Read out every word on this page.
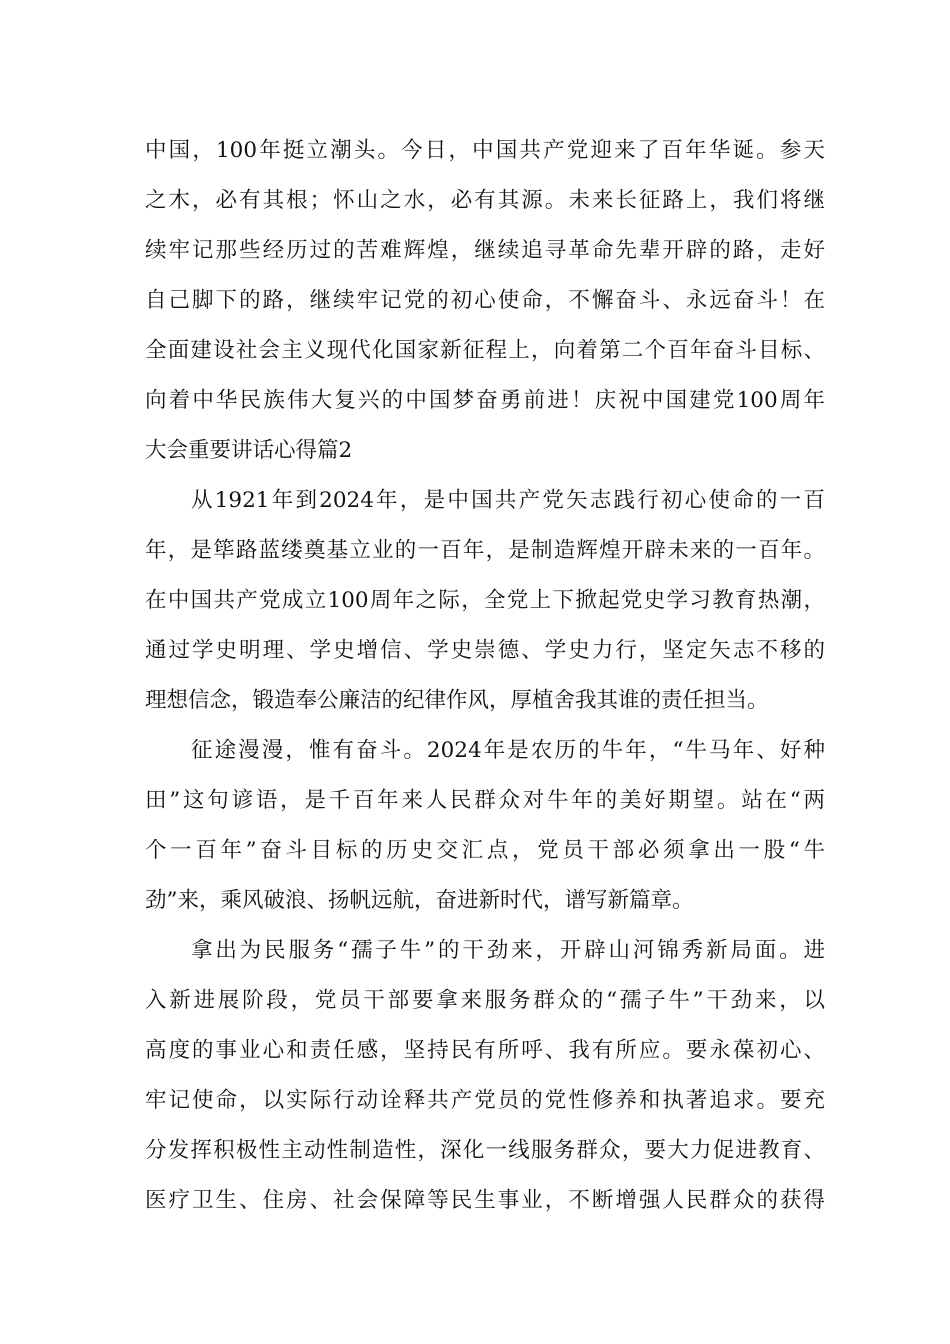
中国，100年挺立潮头。今日，中国共产党迎来了百年华诞。参天
之木，必有其根；怀山之水，必有其源。未来长征路上，我们将继
续牢记那些经历过的苦难辉煌，继续追寻革命先辈开辟的路，走好
自己脚下的路，继续牢记党的初心使命，不懈奋斗、永远奋斗！在
全面建设社会主义现代化国家新征程上，向着第二个百年奋斗目标、
向着中华民族伟大复兴的中国梦奋勇前进！庆祝中国建党100周年
大会重要讲话心得篇2
从1921年到2024年，是中国共产党矢志践行初心使命的一百
年，是筚路蓝缕奠基立业的一百年，是制造辉煌开辟未来的一百年。
在中国共产党成立100周年之际，全党上下掀起党史学习教育热潮，
通过学史明理、学史增信、学史崇德、学史力行，坚定矢志不移的
理想信念，锻造奉公廉洁的纪律作风，厚植舍我其谁的责任担当。
征途漫漫，惟有奋斗。2024年是农历的牛年，“牛马年、好种
田”这句谚语，是千百年来人民群众对牛年的美好期望。站在“两
个一百年”奋斗目标的历史交汇点，党员干部必须拿出一股“牛
劲”来，乘风破浪、扬帆远航，奋进新时代，谱写新篇章。
拿出为民服务“孺子牛”的干劲来，开辟山河锦秀新局面。进
入新进展阶段，党员干部要拿来服务群众的“孺子牛”干劲来，以
高度的事业心和责任感，坚持民有所呼、我有所应。要永葆初心、
牢记使命，以实际行动诠释共产党员的党性修养和执著追求。要充
分发挥积极性主动性制造性，深化一线服务群众，要大力促进教育、
医疗卫生、住房、社会保障等民生事业，不断增强人民群众的获得
